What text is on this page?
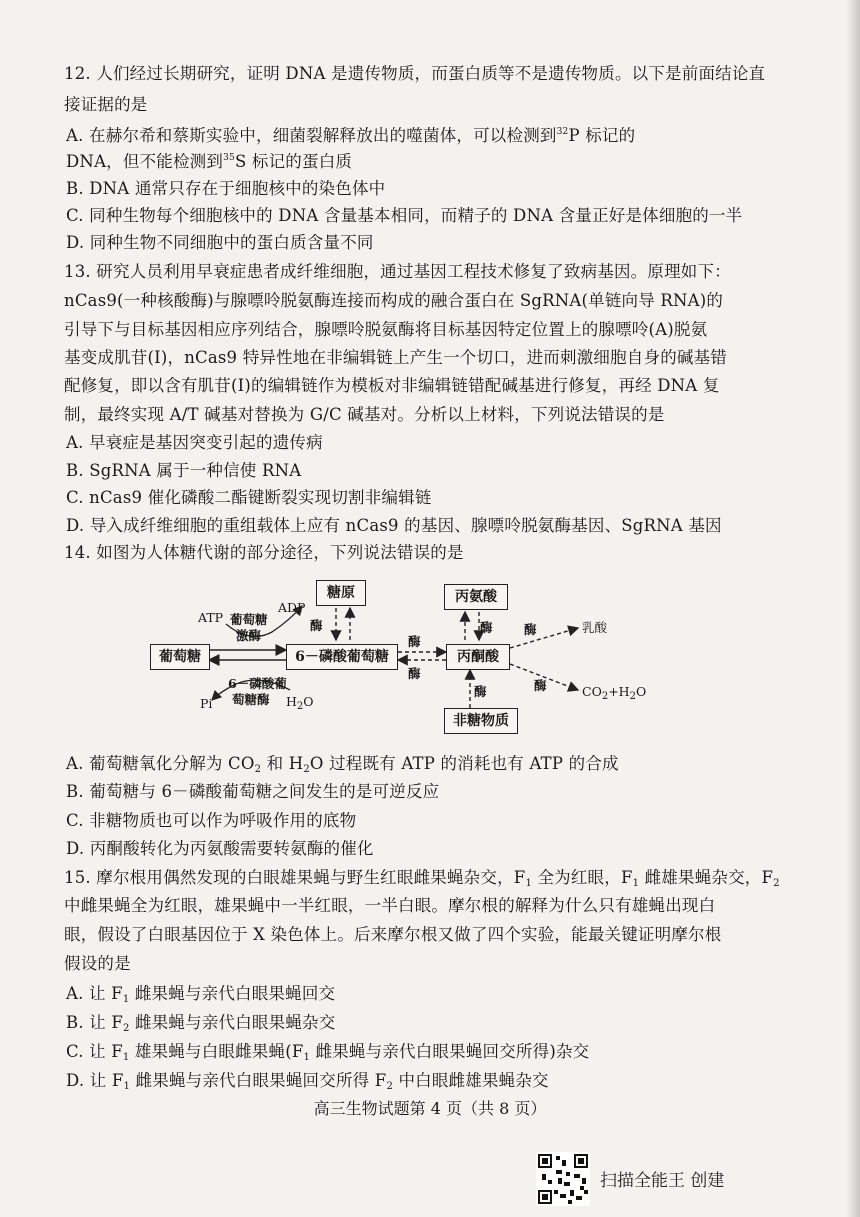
12. 人们经过长期研究，证明 DNA 是遗传物质，而蛋白质等不是遗传物质。以下是前面结论直
接证据的是
A. 在赫尔希和蔡斯实验中，细菌裂解释放出的噬菌体，可以检测到$^{32}$P 标记的
DNA，但不能检测到$^{35}$S 标记的蛋白质
B. DNA 通常只存在于细胞核中的染色体中
C. 同种生物每个细胞核中的 DNA 含量基本相同，而精子的 DNA 含量正好是体细胞的一半
D. 同种生物不同细胞中的蛋白质含量不同
13. 研究人员利用早衰症患者成纤维细胞，通过基因工程技术修复了致病基因。原理如下：
nCas9(一种核酸酶)与腺嘌呤脱氨酶连接而构成的融合蛋白在 SgRNA(单链向导 RNA)的
引导下与目标基因相应序列结合，腺嘌呤脱氨酶将目标基因特定位置上的腺嘌呤(A)脱氨
基变成肌苷(Ⅰ)，nCas9 特异性地在非编辑链上产生一个切口，进而刺激细胞自身的碱基错
配修复，即以含有肌苷(Ⅰ)的编辑链作为模板对非编辑链错配碱基进行修复，再经 DNA 复
制，最终实现 A/T 碱基对替换为 G/C 碱基对。分析以上材料，下列说法错误的是
A. 早衰症是基因突变引起的遗传病
B. SgRNA 属于一种信使 RNA
C. nCas9 催化磷酸二酯键断裂实现切割非编辑链
D. 导入成纤维细胞的重组载体上应有 nCas9 的基因、腺嘌呤脱氨酶基因、SgRNA 基因
14. 如图为人体糖代谢的部分途径，下列说法错误的是
葡萄糖	6－磷酸葡萄糖
糖原
丙酮酸
丙氨酸
非糖物质
ATP 葡萄糖
激酶
ADP
6－磷酸葡
萄糖酶
Pi	$H_2O$
酶
酶
酶
酶
酶
酶
酶
乳酸
$CO_2+H_2O$
A. 葡萄糖氧化分解为 CO2 和 H2O 过程既有 ATP 的消耗也有 ATP 的合成
B. 葡萄糖与 6－磷酸葡萄糖之间发生的是可逆反应
C. 非糖物质也可以作为呼吸作用的底物
D. 丙酮酸转化为丙氨酸需要转氨酶的催化
15. 摩尔根用偶然发现的白眼雄果蝇与野生红眼雌果蝇杂交，F1 全为红眼，F1 雌雄果蝇杂交，F2
中雌果蝇全为红眼，雄果蝇中一半红眼，一半白眼。摩尔根的解释为什么只有雄蝇出现白
眼，假设了白眼基因位于 X 染色体上。后来摩尔根又做了四个实验，能最关键证明摩尔根
假设的是
A. 让 F1 雌果蝇与亲代白眼果蝇回交
B. 让 F2 雌果蝇与亲代白眼果蝇杂交
C. 让 F1 雄果蝇与白眼雌果蝇(F1 雌果蝇与亲代白眼果蝇回交所得)杂交
D. 让 F1 雌果蝇与亲代白眼果蝇回交所得 F2 中白眼雌雄果蝇杂交
高三生物试题第 4 页（共 8 页）
扫描全能王 创建
